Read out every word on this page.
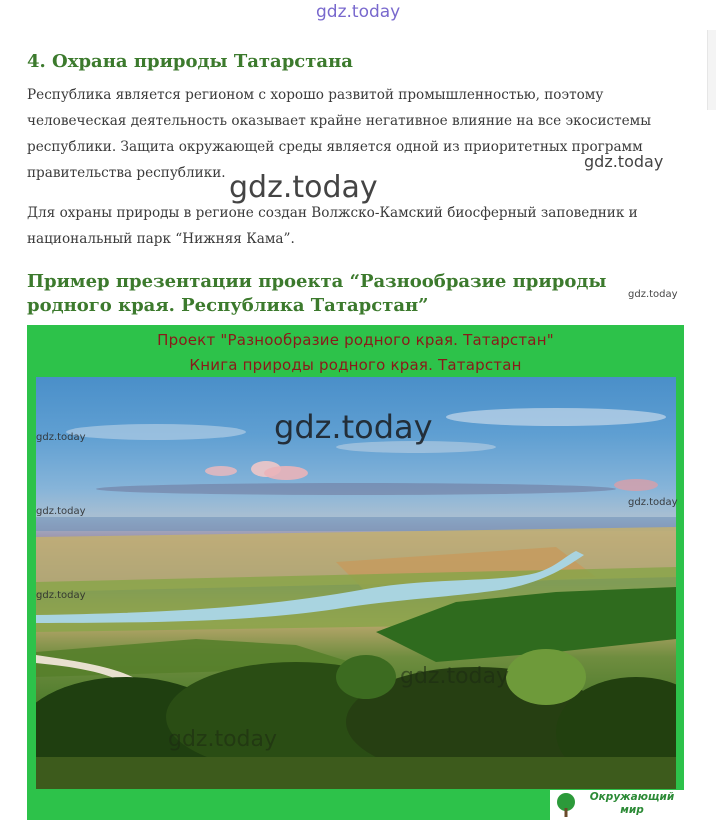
gdz.today
4. Охрана природы Татарстана

Республика является регионом с хорошо развитой промышленностью, поэтому человеческая деятельность оказывает крайне негативное влияние на все экосистемы республики. Защита окружающей среды является одной из приоритетных программ правительства республики.

Для охраны природы в регионе создан Волжско-Камский биосферный заповедник и национальный парк “Нижняя Кама”.

Пример презентации проекта “Разнообразие природы родного края. Республика Татарстан”
Проект "Разнообразие родного края. Татарстан"
Книга природы родного края. Татарстан
Окружающий мир
gdz.today
gdz.today
gdz.today
gdz.today
gdz.today
gdz.today
gdz.today
gdz.today
gdz.today
gdz.today
